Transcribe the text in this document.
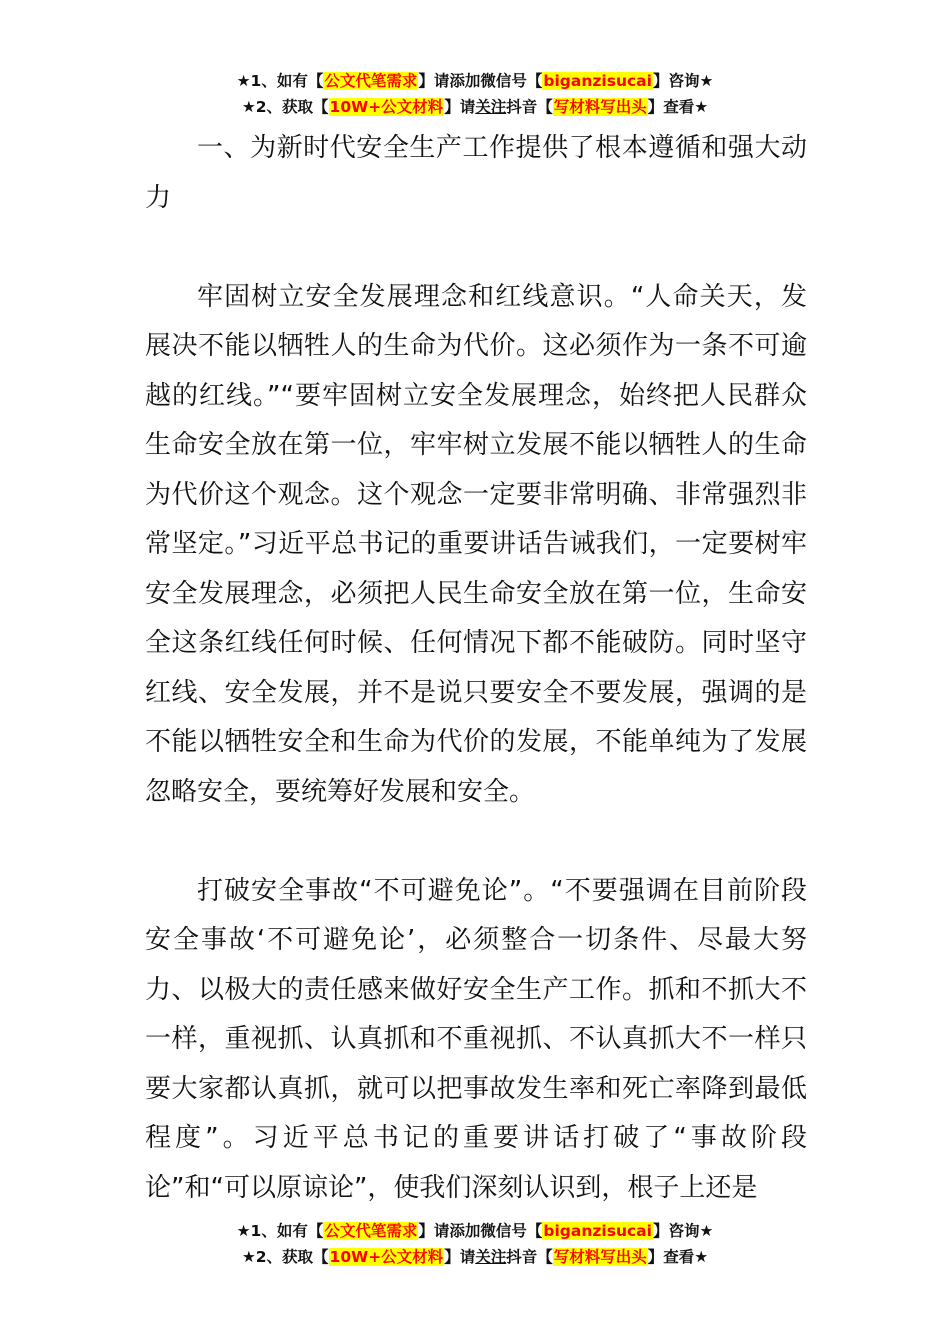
★1、如有【公文代笔需求】请添加微信号【biganzisucai】咨询★
★2、获取【10W+公文材料】请关注抖音【写材料写出头】查看★

一、为新时代安全生产工作提供了根本遵循和强大动力

牢固树立安全发展理念和红线意识。“人命关天，发展决不能以牺牲人的生命为代价。这必须作为一条不可逾越的红线。”“要牢固树立安全发展理念，始终把人民群众生命安全放在第一位，牢牢树立发展不能以牺牲人的生命为代价这个观念。这个观念一定要非常明确、非常强烈非常坚定。”习近平总书记的重要讲话告诫我们，一定要树牢安全发展理念，必须把人民生命安全放在第一位，生命安全这条红线任何时候、任何情况下都不能破防。同时坚守红线、安全发展，并不是说只要安全不要发展，强调的是不能以牺牲安全和生命为代价的发展，不能单纯为了发展忽略安全，要统筹好发展和安全。

打破安全事故“不可避免论”。“不要强调在目前阶段安全事故‘不可避免论’，必须整合一切条件、尽最大努力、以极大的责任感来做好安全生产工作。抓和不抓大不一样，重视抓、认真抓和不重视抓、不认真抓大不一样只要大家都认真抓，就可以把事故发生率和死亡率降到最低程度”。习近平总书记的重要讲话打破了“事故阶段论”和“可以原谅论”，使我们深刻认识到，根子上还是

★1、如有【公文代笔需求】请添加微信号【biganzisucai】咨询★
★2、获取【10W+公文材料】请关注抖音【写材料写出头】查看★
